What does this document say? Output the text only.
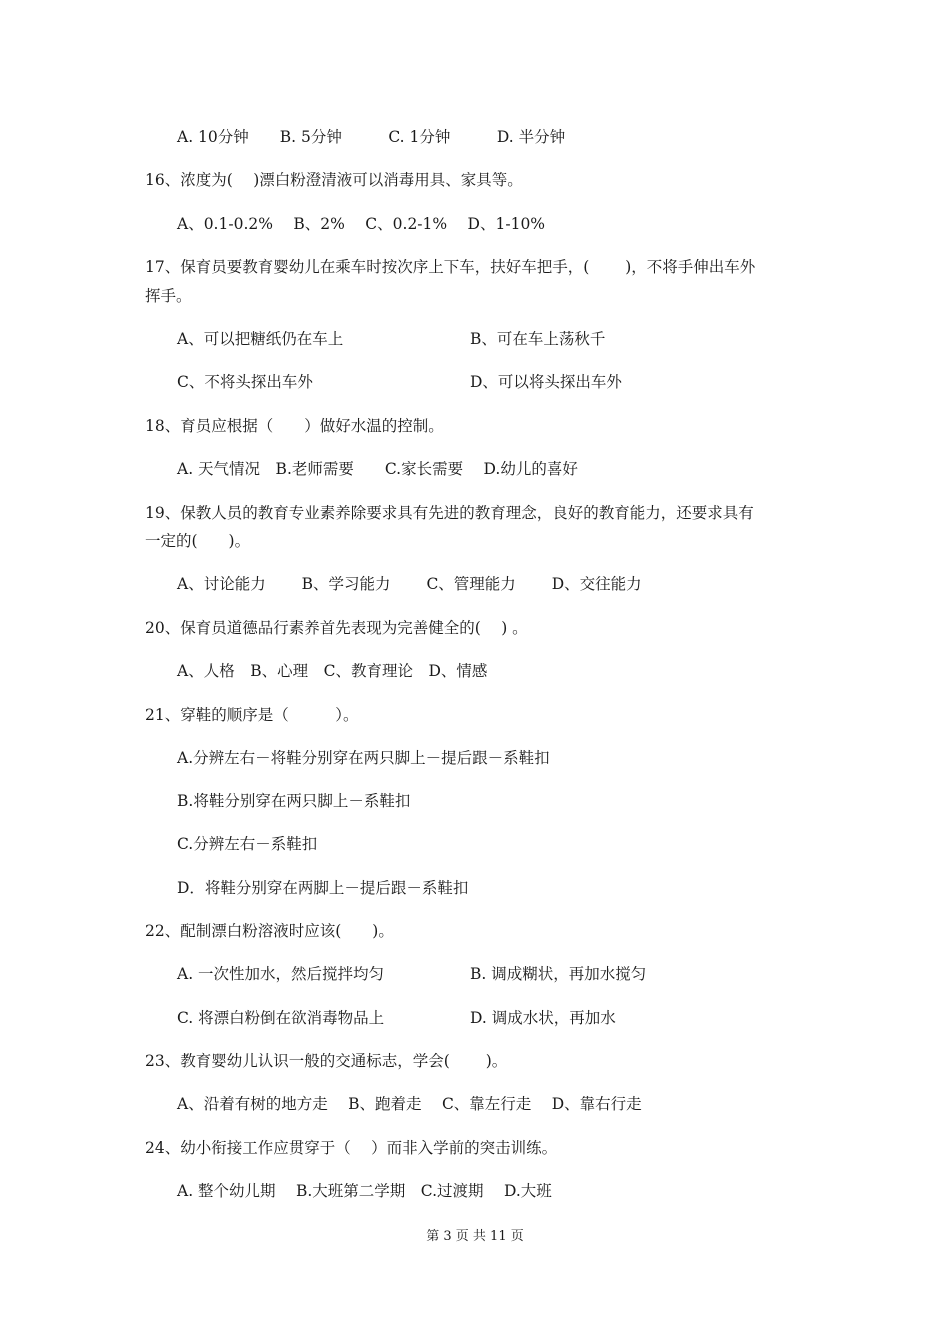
A. 10分钟　　B. 5分钟　　　C. 1分钟　　　D. 半分钟
16、浓度为(　 )漂白粉澄清液可以消毒用具、家具等。
A、0.1-0.2%　 B、2%　 C、0.2-1%　 D、1-10%
17、保育员要教育婴幼儿在乘车时按次序上下车，扶好车把手，(　　 )，不将手伸出车外
挥手。
A、可以把糖纸仍在车上	B、可在车上荡秋千
C、不将头探出车外	D、可以将头探出车外
18、育员应根据（　　）做好水温的控制。
A. 天气情况　B.老师需要　　C.家长需要　 D.幼儿的喜好
19、保教人员的教育专业素养除要求具有先进的教育理念，良好的教育能力，还要求具有
一定的(　　)。
A、讨论能力　　 B、学习能力　　 C、管理能力　　 D、交往能力
20、保育员道德品行素养首先表现为完善健全的(　 ) 。
A、人格　B、心理　C、教育理论　D、情感
21、穿鞋的顺序是（　　　）。
A.分辨左右－将鞋分别穿在两只脚上－提后跟－系鞋扣
B.将鞋分别穿在两只脚上－系鞋扣
C.分辨左右－系鞋扣
D．将鞋分别穿在两脚上－提后跟－系鞋扣
22、配制漂白粉溶液时应该(　　)。
A. 一次性加水，然后搅拌均匀	B. 调成糊状，再加水搅匀
C. 将漂白粉倒在欲消毒物品上	D. 调成水状，再加水
23、教育婴幼儿认识一般的交通标志，学会(　　 )。
A、沿着有树的地方走　 B、跑着走　 C、靠左行走　 D、靠右行走
24、幼小衔接工作应贯穿于（　 ）而非入学前的突击训练。
A. 整个幼儿期　 B.大班第二学期　C.过渡期　 D.大班
第 3 页 共 11 页
